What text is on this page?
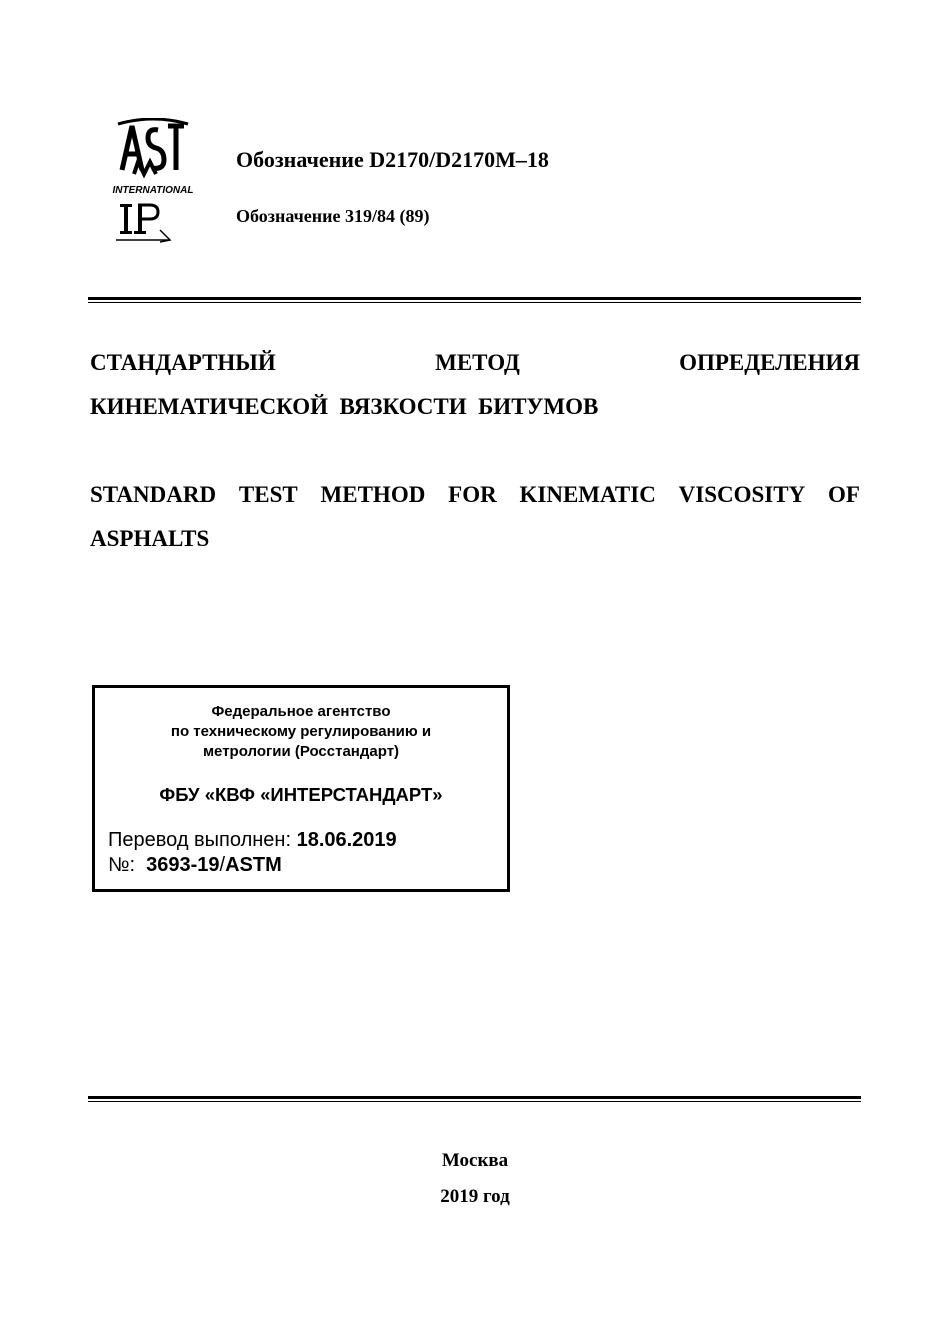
INTERNATIONAL
Обозначение D2170/D2170M–18
Обозначение 319/84 (89)
СТАНДАРТНЫЙ	МЕТОД	ОПРЕДЕЛЕНИЯ
КИНЕМАТИЧЕСКОЙ  ВЯЗКОСТИ  БИТУМОВ
STANDARD TEST METHOD FOR KINEMATIC VISCOSITY OF
ASPHALTS
Федеральное агентство
по техническому регулированию и
метрологии (Росстандарт)
ФБУ «КВФ «ИНТЕРСТАНДАРТ»
Перевод выполнен: 18.06.2019
№:  3693-19/ASTM
Москва
2019 год
